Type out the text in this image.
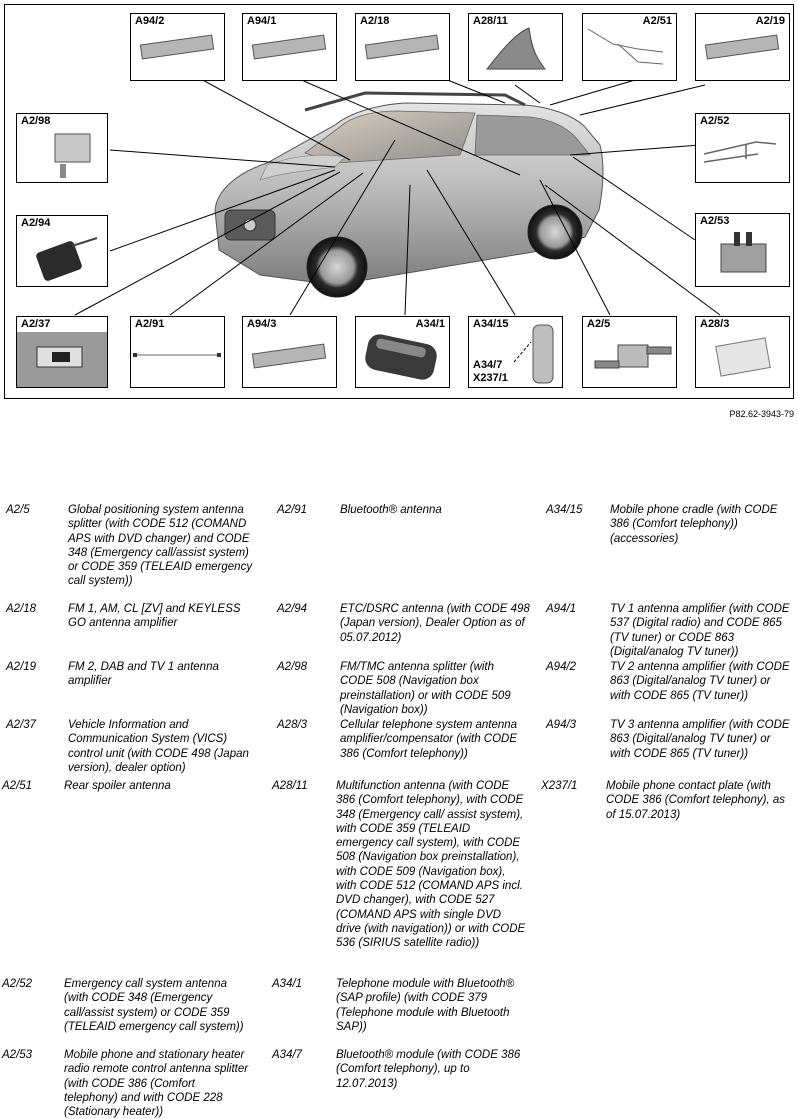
A94/2	A94/1	A2/18	A28/11	A2/51	A2/19
A2/98	A2/52
A2/94	A2/53
A2/37	A2/91	A94/3	A34/1	A34/15
A34/7
X237/1
A2/5	A28/3
P82.62-3943-79
A2/5	Global positioning system antenna splitter (with CODE 512 (COMAND APS with DVD changer) and CODE 348 (Emergency call/assist system) or CODE 359 (TELEAID emergency call system))
A2/18	FM 1, AM, CL [ZV] and KEYLESS GO antenna amplifier
A2/19	FM 2, DAB and TV 1 antenna amplifier
A2/37	Vehicle Information and Communication System (VICS) control unit (with CODE 498 (Japan version), dealer option)
A2/51	Rear spoiler antenna
A2/52	Emergency call system antenna (with CODE 348 (Emergency call/assist system) or CODE 359 (TELEAID emergency call system))
A2/53	Mobile phone and stationary heater radio remote control antenna splitter (with CODE 386 (Comfort telephony) and with CODE 228 (Stationary heater))
A2/91	Bluetooth® antenna
A2/94	ETC/DSRC antenna (with CODE 498 (Japan version), Dealer Option as of 05.07.2012)
A2/98	FM/TMC antenna splitter (with CODE 508 (Navigation box preinstallation) or with CODE 509 (Navigation box))
A28/3	Cellular telephone system antenna amplifier/compensator (with CODE 386 (Comfort telephony))
A28/11 Multifunction antenna (with CODE 386 (Comfort telephony), with CODE 348 (Emergency call/ assist system), with CODE 359 (TELEAID emergency call system), with CODE 508 (Navigation box preinstallation), with CODE 509 (Navigation box), with CODE 512 (COMAND APS incl. DVD changer), with CODE 527 (COMAND APS with single DVD drive (with navigation)) or with CODE 536 (SIRIUS satellite radio))
A34/1	Telephone module with Bluetooth® (SAP profile) (with CODE 379 (Telephone module with Bluetooth SAP))
A34/7	Bluetooth® module (with CODE 386 (Comfort telephony), up to 12.07.2013)
A34/15 Mobile phone cradle (with CODE 386 (Comfort telephony)) (accessories)
A94/1	TV 1 antenna amplifier (with CODE 537 (Digital radio) and CODE 865 (TV tuner) or CODE 863 (Digital/analog TV tuner))
A94/2	TV 2 antenna amplifier (with CODE 863 (Digital/analog TV tuner) or with CODE 865 (TV tuner))
A94/3	TV 3 antenna amplifier (with CODE 863 (Digital/analog TV tuner) or with CODE 865 (TV tuner))
X237/1 Mobile phone contact plate (with CODE 386 (Comfort telephony), as of 15.07.2013)
